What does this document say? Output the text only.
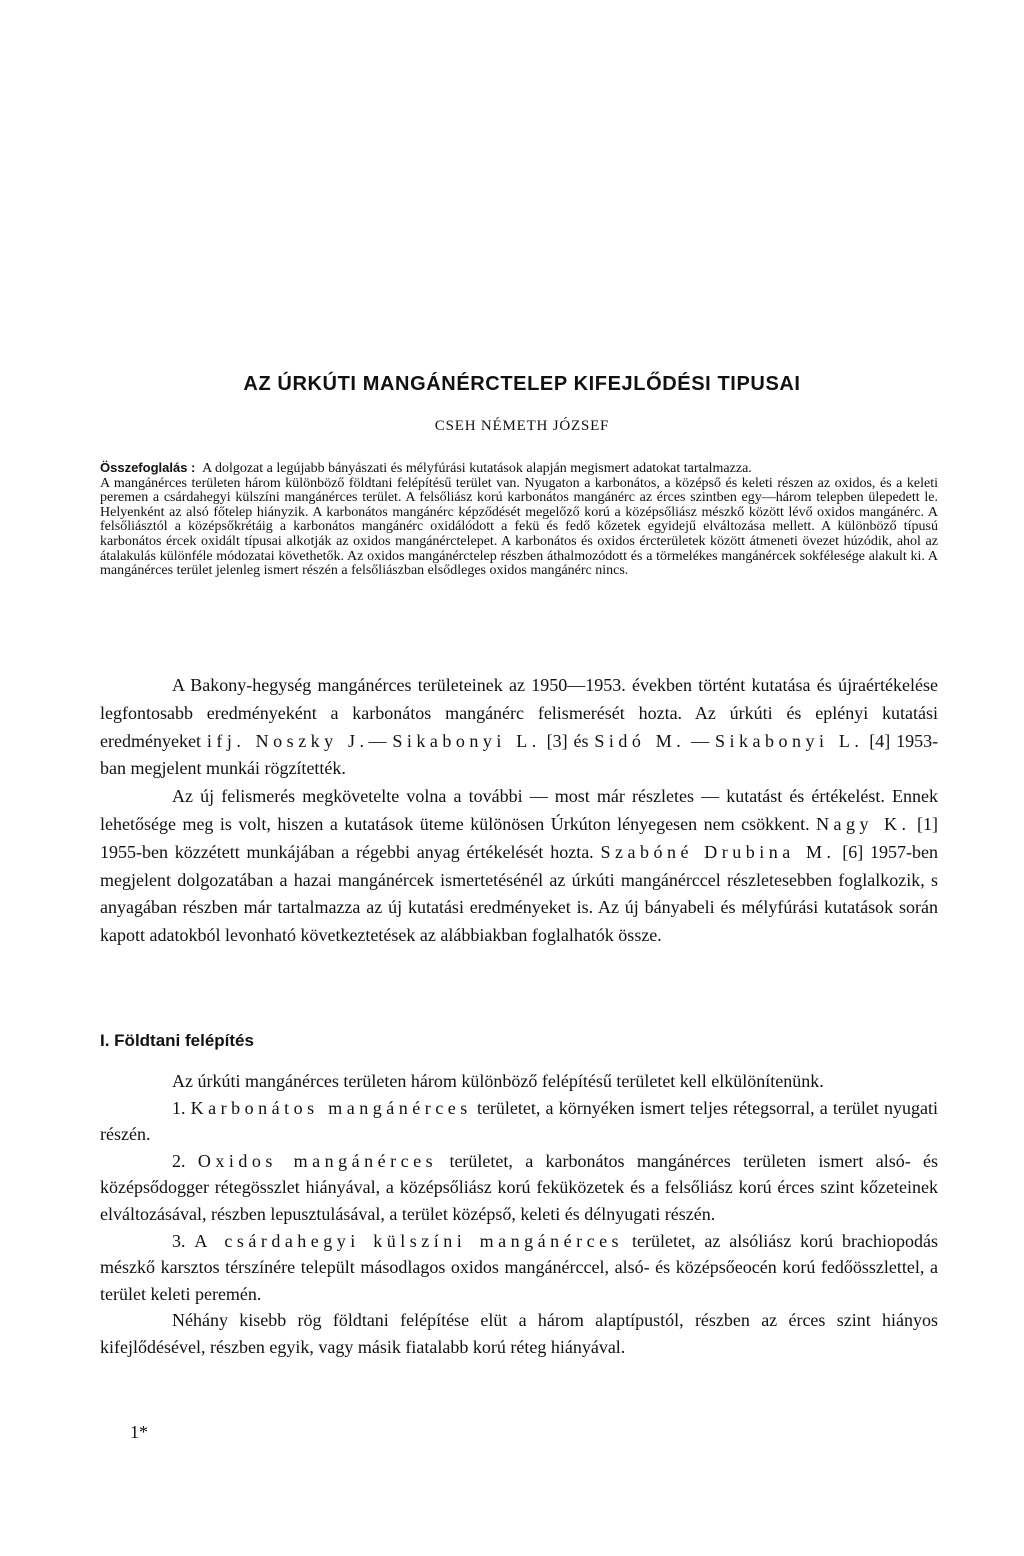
AZ ÚRKÚTI MANGÁNÉRCTELEP KIFEJLŐDÉSI TIPUSAI
CSEH NÉMETH JÓZSEF

Összefoglalás : A dolgozat a legújabb bányászati és mélyfúrási kutatások alapján megismert adatokat tartalmazza.

A mangánérces területen három különböző földtani felépítésű terület van. Nyugaton a karbonátos, a középső és keleti részen az oxidos, és a keleti peremen a csárdahegyi külszíni mangánérces terület. A felsőliász korú karbonátos mangánérc az érces szintben egy—három telepben ülepedett le. Helyenként az alsó főtelep hiányzik. A karbonátos mangánérc képződését megelőző korú a középsőliász mészkő között lévő oxidos mangánérc. A felsőliásztól a középsőkrétáig a karbonátos mangánérc oxidálódott a fekü és fedő kőzetek egyidejű elváltozása mellett. A különböző típusú karbonátos ércek oxidált típusai alkotják az oxidos mangánérctelepet. A karbonátos és oxidos ércterületek között átmeneti övezet húzódik, ahol az átalakulás különféle módozatai követhetők. Az oxidos mangánérctelep részben áthalmozódott és a törmelékes mangánércek sokfélesége alakult ki. A mangánérces terület jelenleg ismert részén a felsőliászban elsődleges oxidos mangánérc nincs.

A Bakony-hegység mangánérces területeinek az 1950—1953. években történt kutatása és újraértékelése legfontosabb eredményeként a karbonátos mangánérc felismerését hozta. Az úrkúti és eplényi kutatási eredményeket ifj. Noszky J.— Sikabonyi L. [3] és Sidó M. — Sikabonyi L. [4] 1953-ban megjelent munkái rögzítették.

Az új felismerés megkövetelte volna a további — most már részletes — kutatást és értékelést. Ennek lehetősége meg is volt, hiszen a kutatások üteme különösen Úrkúton lényegesen nem csökkent. Nagy K. [1] 1955-ben közzétett munkájában a régebbi anyag értékelését hozta. Szabóné Drubina M. [6] 1957-ben megjelent dolgozatában a hazai mangánércek ismertetésénél az úrkúti mangánérccel részletesebben foglalkozik, s anyagában részben már tartalmazza az új kutatási eredményeket is. Az új bányabeli és mélyfúrási kutatások során kapott adatokból levonható következtetések az alábbiakban foglalhatók össze.

I. Földtani felépítés

Az úrkúti mangánérces területen három különböző felépítésű területet kell elkülönítenünk.

1. Karbonátos mangánérces területet, a környéken ismert teljes rétegsorral, a terület nyugati részén.

2. Oxidos mangánérces területet, a karbonátos mangánérces területen ismert alsó- és középsődogger rétegösszlet hiányával, a középsőliász korú feküközetek és a felsőliász korú érces szint kőzeteinek elváltozásával, részben lepusztulásával, a terület középső, keleti és délnyugati részén.

3. A csárdahegyi külszíni mangánérces területet, az alsóliász korú brachiopodás mészkő karsztos térszínére települt másodlagos oxidos mangánérccel, alsó- és középsőeocén korú fedőösszlettel, a terület keleti peremén.

Néhány kisebb rög földtani felépítése elüt a három alaptípustól, részben az érces szint hiányos kifejlődésével, részben egyik, vagy másik fiatalabb korú réteg hiányával.

1*
